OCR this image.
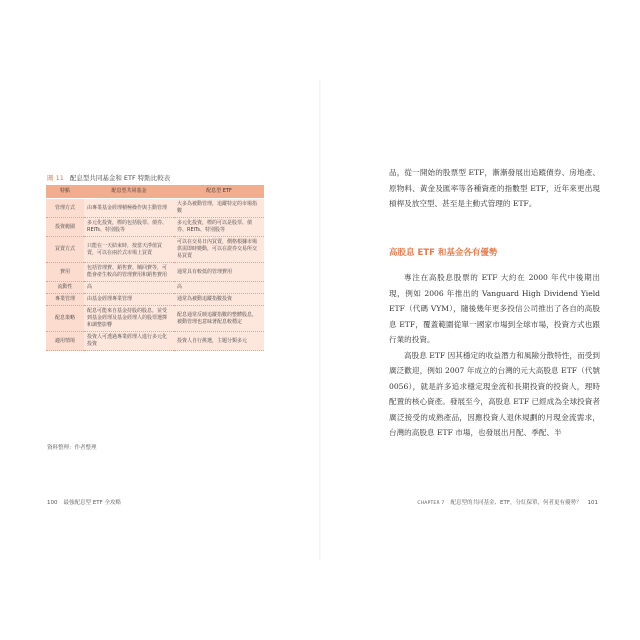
圖 11 配息型共同基金和 ETF 特點比較表
特點	配息型共同基金	配息型 ETF
管理方式	由專業基金經理積極操作與主動管理	大多為被動管理，追蹤特定的市場指數
投資範圍	多元化投資，標的包括股票、債券、REITs、特別股等	多元化投資，標的可以是股票、債券、REITs、特別股等
買賣方式	只能在一天結束時，按當天淨值買賣，可以在兩於式市場上買賣	可以在交易日內買賣，價格根據市場供需即時變動，可以在證券交易所交易買賣
費用	包括管理費、銷售費、贖回費等，可能會產生較高的管理費用和銷售費用	通常具有較低的管理費用
流動性	高	高
專業管理	由基金經理專業管理	通常為被動追蹤指數投資
配息策略	配息可能來自基金持股的股息，並受到基金經理及基金經理人的股票選擇和調整影響	配息通常反映追蹤指數的整體股息，被動管理也意味著配息較穩定
適用情境	投資人可透過專業經理人進行多元化投資	投資人自行挑選，主題分類多元
資料整理：作者整理
100 最強配息型 ETF 全攻略

品，從一開始的股票型 ETF，漸漸發展出追蹤債券、房地產、原物料、黃金及匯率等各種資產的指數型 ETF，近年來更出現槓桿及放空型、甚至是主動式管理的 ETF。

高股息 ETF 和基金各有優勢

專注在高股息股票的 ETF 大約在 2000 年代中後期出現，例如 2006 年推出的 Vanguard High Dividend Yield ETF（代碼 VYM），隨後幾年更多投信公司推出了各自的高股息 ETF，覆蓋範圍從單一國家市場到全球市場，投資方式也跟行業的投資。

高股息 ETF 因其穩定的收益潛力和風險分散特性，而受到廣泛歡迎，例如 2007 年成立的台灣的元大高股息 ETF（代號 0056），就是許多追求穩定現金流和長期投資的投資人，理時配置的核心資產。發展至今，高股息 ETF 已經成為全球投資者廣泛接受的成熟產品，因應投資人退休規劃的月現金流需求，台灣的高股息 ETF 市場，也發展出月配、季配、半

CHAPTER 7 配息型的共同基金、ETF，分紅保單，何者更有優勢？ 101
